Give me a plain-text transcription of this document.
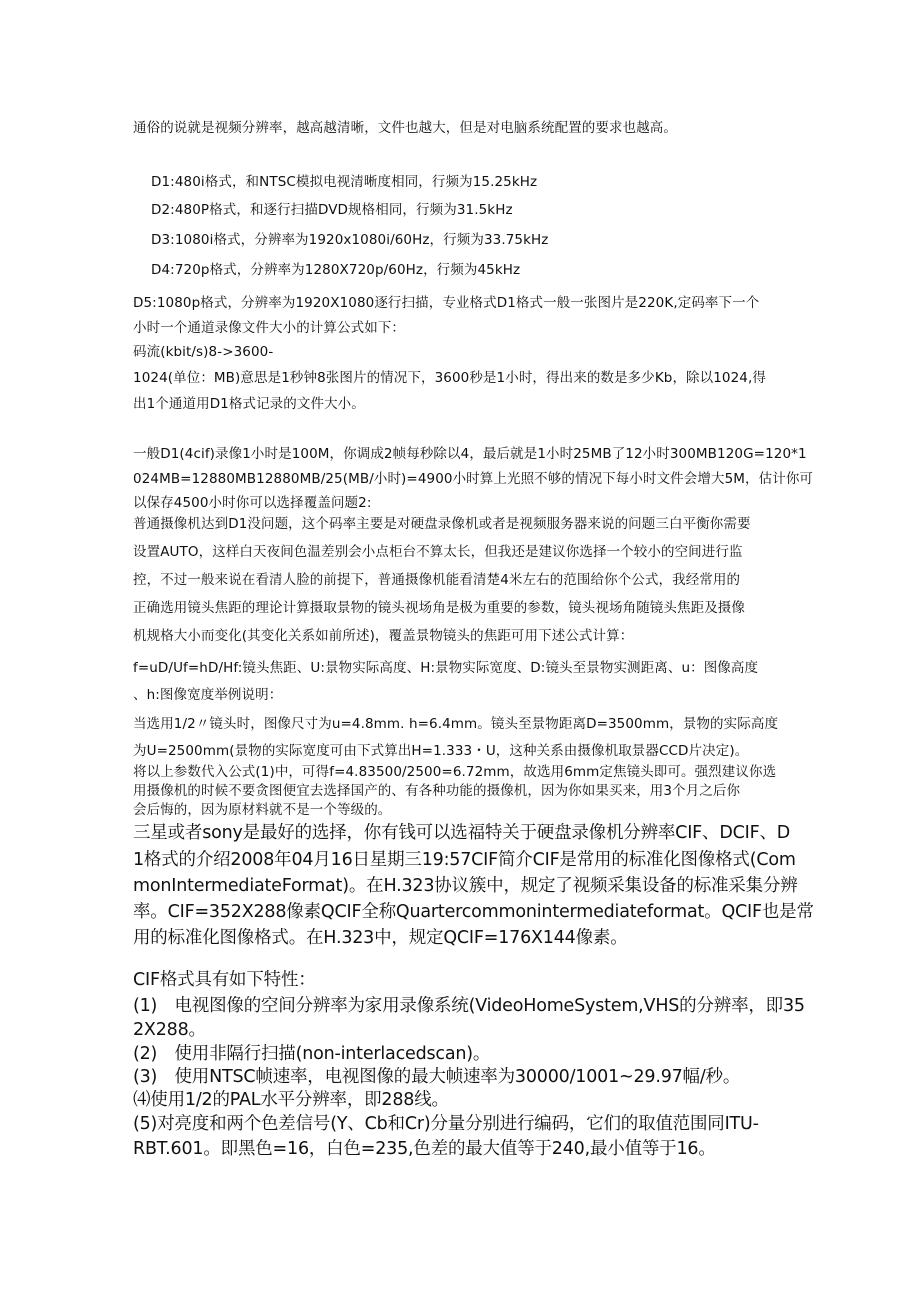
通俗的说就是视频分辨率，越高越清晰，文件也越大，但是对电脑系统配置的要求也越高。

D1:480i格式，和NTSC模拟电视清晰度相同，行频为15.25kHz

D2:480P格式，和逐行扫描DVD规格相同，行频为31.5kHz

D3:1080i格式，分辨率为1920x1080i/60Hz，行频为33.75kHz

D4:720p格式，分辨率为1280X720p/60Hz，行频为45kHz

D5:1080p格式，分辨率为1920X1080逐行扫描，专业格式D1格式一般一张图片是220K,定码率下一个

小时一个通道录像文件大小的计算公式如下：

码流(kbit/s)8->3600-

1024(单位：MB)意思是1秒钟8张图片的情况下，3600秒是1小时，得出来的数是多少Kb，除以1024,得

出1个通道用D1格式记录的文件大小。

一般D1(4cif)录像1小时是100M，你调成2帧每秒除以4，最后就是1小时25MB了12小时300MB120G=120*1

024MB=12880MB12880MB/25(MB/小时)=4900小时算上光照不够的情况下每小时文件会增大5M，估计你可

以保存4500小时你可以选择覆盖问题2:

普通摄像机达到D1没问题，这个码率主要是对硬盘录像机或者是视频服务器来说的问题三白平衡你需要

设置AUTO，这样白天夜间色温差别会小点柜台不算太长，但我还是建议你选择一个较小的空间进行监

控，不过一般来说在看清人脸的前提下，普通摄像机能看清楚4米左右的范围给你个公式，我经常用的

正确选用镜头焦距的理论计算摄取景物的镜头视场角是极为重要的参数，镜头视场角随镜头焦距及摄像

机规格大小而变化(其变化关系如前所述)，覆盖景物镜头的焦距可用下述公式计算：

f=uD/Uf=hD/Hf:镜头焦距、U:景物实际高度、H:景物实际宽度、D:镜头至景物实测距离、u：图像高度

、h:图像宽度举例说明：

当选用1/2〃镜头时，图像尺寸为u=4.8mm. h=6.4mm。镜头至景物距离D=3500mm，景物的实际高度

为U=2500mm(景物的实际宽度可由下式算出H=1.333・U，这种关系由摄像机取景器CCD片决定)。

将以上参数代入公式(1)中，可得f=4.83500/2500=6.72mm，故选用6mm定焦镜头即可。强烈建议你选

用摄像机的时候不要贪图便宜去选择国产的、有各种功能的摄像机，因为你如果买来，用3个月之后你

会后悔的，因为原材料就不是一个等级的。

三星或者sony是最好的选择，你有钱可以选福特关于硬盘录像机分辨率CIF、DCIF、D

1格式的介绍2008年04月16日星期三19:57CIF简介CIF是常用的标准化图像格式(Com

monIntermediateFormat)。在H.323协议簇中，规定了视频采集设备的标准采集分辨

率。CIF=352X288像素QCIF全称Quartercommonintermediateformat。QCIF也是常

用的标准化图像格式。在H.323中，规定QCIF=176X144像素。

CIF格式具有如下特性：

(1)　电视图像的空间分辨率为家用录像系统(VideoHomeSystem,VHS的分辨率，即35

2X288。

(2)　使用非隔行扫描(non-interlacedscan)。

(3)　使用NTSC帧速率，电视图像的最大帧速率为30000/1001~29.97幅/秒。

⑷使用1/2的PAL水平分辨率，即288线。

(5)对亮度和两个色差信号(Y、Cb和Cr)分量分别进行编码，它们的取值范围同ITU-

RBT.601。即黑色=16，白色=235,色差的最大值等于240,最小值等于16。
